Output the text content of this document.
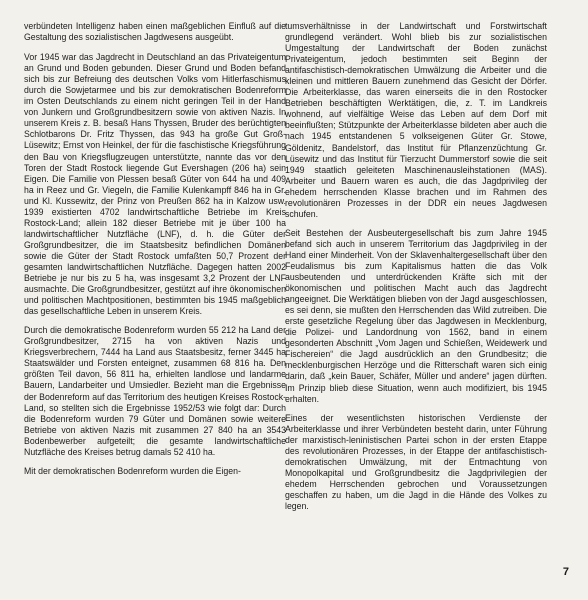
verbündeten Intelligenz haben einen maßgeblichen Einfluß auf die Gestaltung des sozialistischen Jagdwesens ausgeübt.

Vor 1945 war das Jagdrecht in Deutschland an das Privateigentum an Grund und Boden gebunden. Dieser Grund und Boden befand sich bis zur Befreiung des deutschen Volks vom Hitlerfaschismus durch die Sowjetarmee und bis zur demokratischen Bodenreform im Osten Deutschlands zu einem nicht geringen Teil in der Hand von Junkern und Großgrundbesitzern sowie von aktiven Nazis. In unserem Kreis z. B. besaß Hans Thyssen, Bruder des berüchtigten Schlotbarons Dr. Fritz Thyssen, das 943 ha große Gut Groß-Lüsewitz; Ernst von Heinkel, der für die faschistische Kriegsführung den Bau von Kriegsflugzeugen unterstützte, nannte das vor den Toren der Stadt Rostock liegende Gut Evershagen (206 ha) sein Eigen. Die Familie von Plessen besaß Güter von 644 ha und 409 ha in Reez und Gr. Viegeln, die Familie Kulenkampff 846 ha in Gr. und Kl. Kussewitz, der Prinz von Preußen 862 ha in Kalzow usw. 1939 existierten 4702 landwirtschaftliche Betriebe im Kreis Rostock-Land; allein 182 dieser Betriebe mit je über 100 ha landwirtschaftlicher Nutzfläche (LNF), d. h. die Güter der Großgrundbesitzer, die im Staatsbesitz befindlichen Domänen sowie die Güter der Stadt Rostock umfaßten 50,7 Prozent der gesamten landwirtschaftlichen Nutzfläche. Dagegen hatten 2002 Betriebe je nur bis zu 5 ha, was insgesamt 3,2 Prozent der LNF ausmachte. Die Großgrundbesitzer, gestützt auf ihre ökonomischen und politischen Machtpositionen, bestimmten bis 1945 maßgeblich das gesellschaftliche Leben in unserem Kreis.

Durch die demokratische Bodenreform wurden 55 212 ha Land der Großgrundbesitzer, 2715 ha von aktiven Nazis und Kriegsverbrechern, 7444 ha Land aus Staatsbesitz, ferner 3445 ha Staatswälder und Forsten enteignet, zusammen 68 816 ha. Den größten Teil davon, 56 811 ha, erhielten landlose und landarme Bauern, Landarbeiter und Umsiedler. Bezieht man die Ergebnisse der Bodenreform auf das Territorium des heutigen Kreises Rostock-Land, so stellten sich die Ergebnisse 1952/53 wie folgt dar: Durch die Bodenreform wurden 79 Güter und Domänen sowie weitere Betriebe von aktiven Nazis mit zusammen 27 840 ha an 3543 Bodenbewerber aufgeteilt; die gesamte landwirtschaftliche Nutzfläche des Kreises betrug damals 52 410 ha.

Mit der demokratischen Bodenreform wurden die Eigen-

tumsverhältnisse in der Landwirtschaft und Forstwirtschaft grundlegend verändert. Wohl blieb bis zur sozialistischen Umgestaltung der Landwirtschaft der Boden zunächst Privateigentum, jedoch bestimmten seit Beginn der antifaschistisch-demokratischen Umwälzung die Arbeiter und die kleinen und mittleren Bauern zunehmend das Gesicht der Dörfer. Die Arbeiterklasse, das waren einerseits die in den Rostocker Betrieben beschäftigten Werktätigen, die, z. T. im Landkreis wohnend, auf vielfältige Weise das Leben auf dem Dorf mit beeinflußten; Stützpunkte der Arbeiterklasse bildeten aber auch die nach 1945 entstandenen 5 volkseigenen Güter Gr. Stowe, Göldenitz, Bandelstorf, das Institut für Pflanzenzüchtung Gr. Lüsewitz und das Institut für Tierzucht Dummerstorf sowie die seit 1949 staatlich geleiteten Maschinenausleihstationen (MAS). Arbeiter und Bauern waren es auch, die das Jagdprivileg der ehedem herrschenden Klasse brachen und im Rahmen des revolutionären Prozesses in der DDR ein neues Jagdwesen schufen.

Seit Bestehen der Ausbeutergesellschaft bis zum Jahre 1945 befand sich auch in unserem Territorium das Jagdprivileg in der Hand einer Minderheit. Von der Sklavenhaltergesellschaft über den Feudalismus bis zum Kapitalismus hatten die das Volk ausbeutenden und unterdrückenden Kräfte sich mit der ökonomischen und politischen Macht auch das Jagdrecht angeeignet. Die Werktätigen blieben von der Jagd ausgeschlossen, es sei denn, sie mußten den Herrschenden das Wild zutreiben. Die erste gesetzliche Regelung über das Jagdwesen in Mecklenburg, die Polizei- und Landordnung von 1562, band in einem gesonderten Abschnitt „Vom Jagen und Schießen, Weidewerk und Fischereien“ die Jagd ausdrücklich an den Grundbesitz; die mecklenburgischen Herzöge und die Ritterschaft waren sich einig darin, daß „kein Bauer, Schäfer, Müller und andere“ jagen dürften. Im Prinzip blieb diese Situation, wenn auch modifiziert, bis 1945 erhalten.

Eines der wesentlichsten historischen Verdienste der Arbeiterklasse und ihrer Verbündeten besteht darin, unter Führung der marxistisch-leninistischen Partei schon in der ersten Etappe des revolutionären Prozesses, in der Etappe der antifaschistisch-demokratischen Umwälzung, mit der Entmachtung von Monopolkapital und Großgrundbesitz die Jagdprivilegien der ehedem Herrschenden gebrochen und Voraussetzungen geschaffen zu haben, um die Jagd in die Hände des Volkes zu legen.

7
